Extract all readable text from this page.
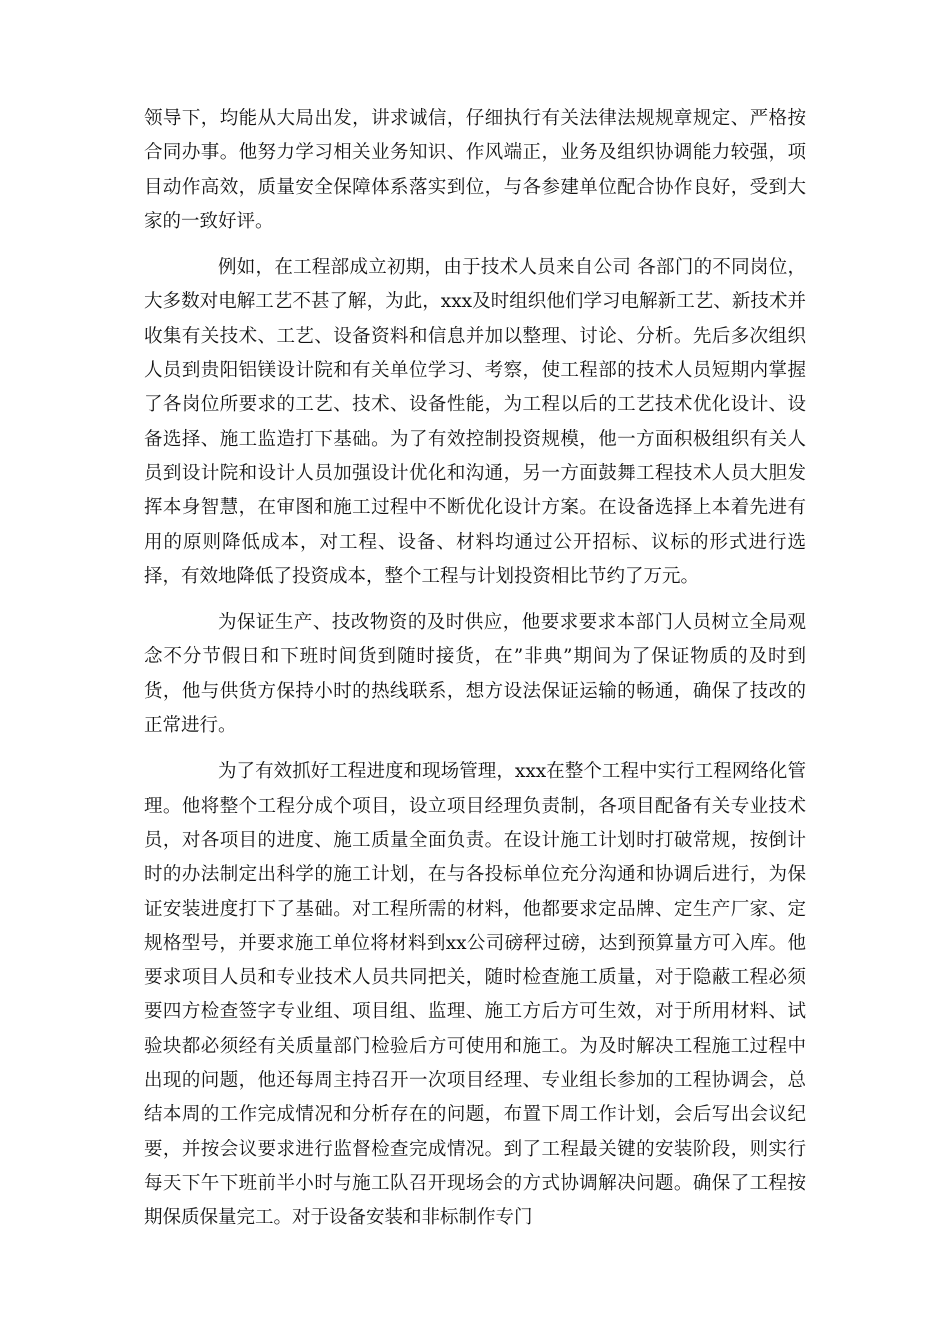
领导下，均能从大局出发，讲求诚信，仔细执行有关法律法规规章规定、严格按合同办事。他努力学习相关业务知识、作风端正，业务及组织协调能力较强，项目动作高效，质量安全保障体系落实到位，与各参建单位配合协作良好，受到大家的一致好评。

例如，在工程部成立初期，由于技术人员来自公司 各部门的不同岗位，大多数对电解工艺不甚了解，为此，xxx及时组织他们学习电解新工艺、新技术并收集有关技术、工艺、设备资料和信息并加以整理、讨论、分析。先后多次组织人员到贵阳铝镁设计院和有关单位学习、考察，使工程部的技术人员短期内掌握了各岗位所要求的工艺、技术、设备性能，为工程以后的工艺技术优化设计、设备选择、施工监造打下基础。为了有效控制投资规模，他一方面积极组织有关人员到设计院和设计人员加强设计优化和沟通，另一方面鼓舞工程技术人员大胆发挥本身智慧，在审图和施工过程中不断优化设计方案。在设备选择上本着先进有用的原则降低成本，对工程、设备、材料均通过公开招标、议标的形式进行选择，有效地降低了投资成本，整个工程与计划投资相比节约了万元。

为保证生产、技改物资的及时供应，他要求要求本部门人员树立全局观念不分节假日和下班时间货到随时接货，在”非典”期间为了保证物质的及时到货，他与供货方保持小时的热线联系，想方设法保证运输的畅通，确保了技改的正常进行。

为了有效抓好工程进度和现场管理，xxx在整个工程中实行工程网络化管理。他将整个工程分成个项目，设立项目经理负责制，各项目配备有关专业技术员，对各项目的进度、施工质量全面负责。在设计施工计划时打破常规，按倒计时的办法制定出科学的施工计划，在与各投标单位充分沟通和协调后进行，为保证安装进度打下了基础。对工程所需的材料，他都要求定品牌、定生产厂家、定规格型号，并要求施工单位将材料到xx公司磅秤过磅，达到预算量方可入库。他要求项目人员和专业技术人员共同把关，随时检查施工质量，对于隐蔽工程必须要四方检查签字专业组、项目组、监理、施工方后方可生效，对于所用材料、试验块都必须经有关质量部门检验后方可使用和施工。为及时解决工程施工过程中出现的问题，他还每周主持召开一次项目经理、专业组长参加的工程协调会，总结本周的工作完成情况和分析存在的问题，布置下周工作计划，会后写出会议纪要，并按会议要求进行监督检查完成情况。到了工程最关键的安装阶段，则实行每天下午下班前半小时与施工队召开现场会的方式协调解决问题。确保了工程按期保质保量完工。对于设备安装和非标制作专门
